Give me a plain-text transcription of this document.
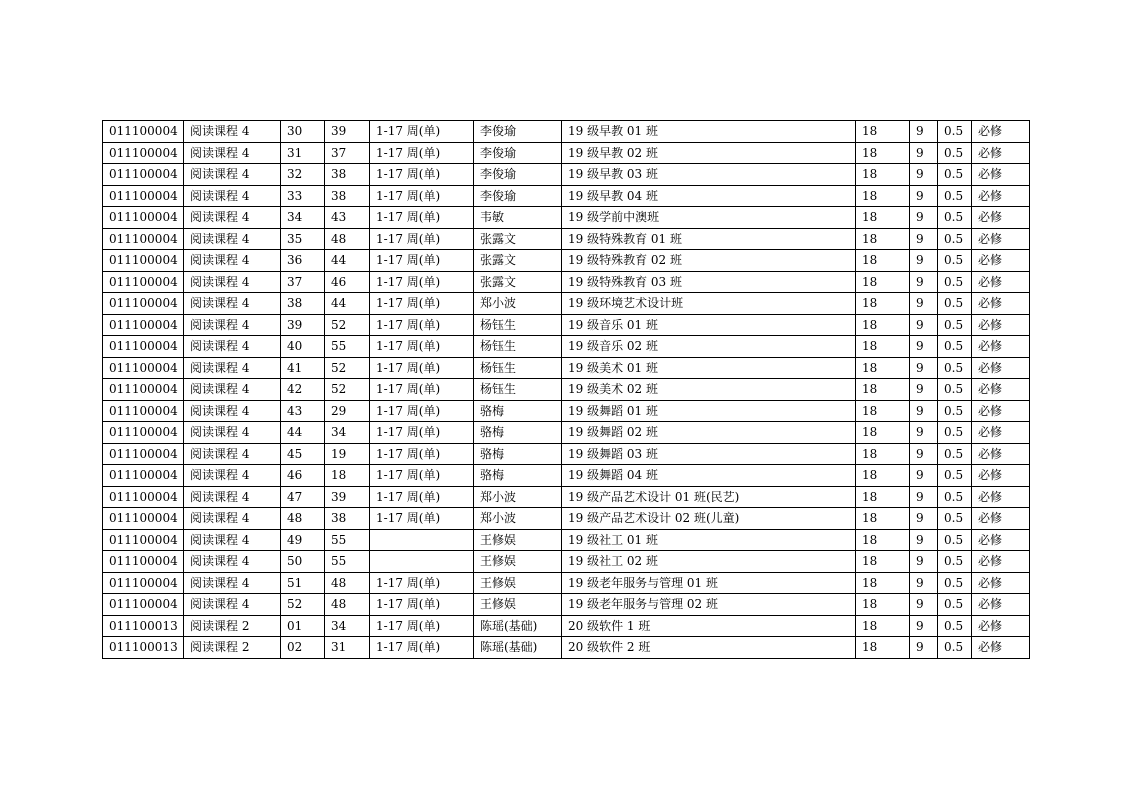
011100004	阅读课程 4	30	39	1-17 周(单)	李俊瑜	19 级早教 01 班	18	9	0.5	必修
011100004	阅读课程 4	31	37	1-17 周(单)	李俊瑜	19 级早教 02 班	18	9	0.5	必修
011100004	阅读课程 4	32	38	1-17 周(单)	李俊瑜	19 级早教 03 班	18	9	0.5	必修
011100004	阅读课程 4	33	38	1-17 周(单)	李俊瑜	19 级早教 04 班	18	9	0.5	必修
011100004	阅读课程 4	34	43	1-17 周(单)	韦敏	19 级学前中澳班	18	9	0.5	必修
011100004	阅读课程 4	35	48	1-17 周(单)	张露文	19 级特殊教育 01 班	18	9	0.5	必修
011100004	阅读课程 4	36	44	1-17 周(单)	张露文	19 级特殊教育 02 班	18	9	0.5	必修
011100004	阅读课程 4	37	46	1-17 周(单)	张露文	19 级特殊教育 03 班	18	9	0.5	必修
011100004	阅读课程 4	38	44	1-17 周(单)	郑小波	19 级环境艺术设计班	18	9	0.5	必修
011100004	阅读课程 4	39	52	1-17 周(单)	杨钰生	19 级音乐 01 班	18	9	0.5	必修
011100004	阅读课程 4	40	55	1-17 周(单)	杨钰生	19 级音乐 02 班	18	9	0.5	必修
011100004	阅读课程 4	41	52	1-17 周(单)	杨钰生	19 级美术 01 班	18	9	0.5	必修
011100004	阅读课程 4	42	52	1-17 周(单)	杨钰生	19 级美术 02 班	18	9	0.5	必修
011100004	阅读课程 4	43	29	1-17 周(单)	骆梅	19 级舞蹈 01 班	18	9	0.5	必修
011100004	阅读课程 4	44	34	1-17 周(单)	骆梅	19 级舞蹈 02 班	18	9	0.5	必修
011100004	阅读课程 4	45	19	1-17 周(单)	骆梅	19 级舞蹈 03 班	18	9	0.5	必修
011100004	阅读课程 4	46	18	1-17 周(单)	骆梅	19 级舞蹈 04 班	18	9	0.5	必修
011100004	阅读课程 4	47	39	1-17 周(单)	郑小波	19 级产品艺术设计 01 班(民艺)	18	9	0.5	必修
011100004	阅读课程 4	48	38	1-17 周(单)	郑小波	19 级产品艺术设计 02 班(儿童)	18	9	0.5	必修
011100004	阅读课程 4	49	55		王修娱	19 级社工 01 班	18	9	0.5	必修
011100004	阅读课程 4	50	55		王修娱	19 级社工 02 班	18	9	0.5	必修
011100004	阅读课程 4	51	48	1-17 周(单)	王修娱	19 级老年服务与管理 01 班	18	9	0.5	必修
011100004	阅读课程 4	52	48	1-17 周(单)	王修娱	19 级老年服务与管理 02 班	18	9	0.5	必修
011100013	阅读课程 2	01	34	1-17 周(单)	陈瑶(基础)	20 级软件 1 班	18	9	0.5	必修
011100013	阅读课程 2	02	31	1-17 周(单)	陈瑶(基础)	20 级软件 2 班	18	9	0.5	必修
